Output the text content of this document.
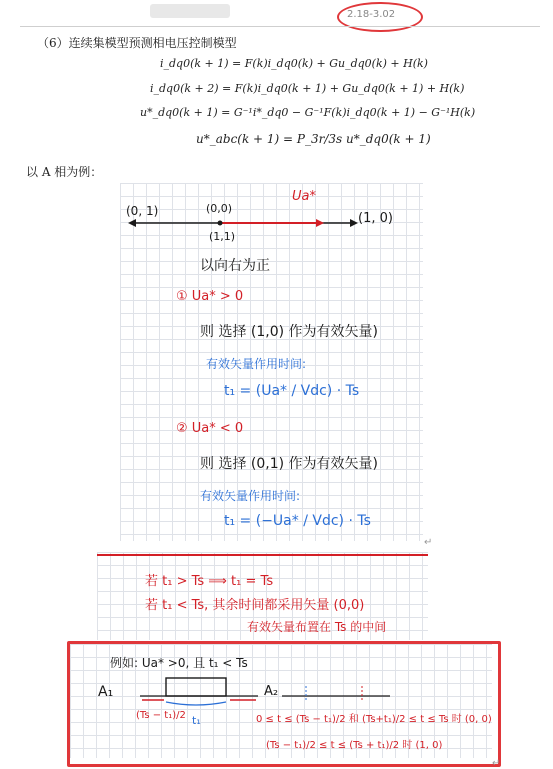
2.18-3.02
（6）连续集模型预测相电压控制模型
i_dq0(k + 1) = F(k)i_dq0(k) + Gu_dq0(k) + H(k)
i_dq0(k + 2) = F(k)i_dq0(k + 1) + Gu_dq0(k + 1) + H(k)
u*_dq0(k + 1) = G⁻¹i*_dq0 − G⁻¹F(k)i_dq0(k + 1) − G⁻¹H(k)
u*_abc(k + 1) = P_3r/3s u*_dq0(k + 1)
以 A 相为例：
(0, 1)	(0,0)
(1,1)
(1, 0)
Ua*
以向右为正
① Ua* > 0
则 选择 (1,0) 作为有效矢量)
有效矢量作用时间:
t₁ = (Ua* / Vdc) · Ts
② Ua* < 0
则 选择 (0,1) 作为有效矢量)
有效矢量作用时间:
t₁ = (−Ua* / Vdc) · Ts
↵
若 t₁ > Ts ⟹ t₁ = Ts
若 t₁ < Ts, 其余时间都采用矢量 (0,0)
有效矢量布置在 Ts 的中间
例如: Ua* >0, 且 t₁ < Ts
A₁
(Ts − t₁)/2 t₁
A₂
0 ≤ t ≤ (Ts − t₁)/2 和 (Ts+t₁)/2 ≤ t ≤ Ts 时 (0, 0)
(Ts − t₁)/2 ≤ t ≤ (Ts + t₁)/2 时 (1, 0)
↵
